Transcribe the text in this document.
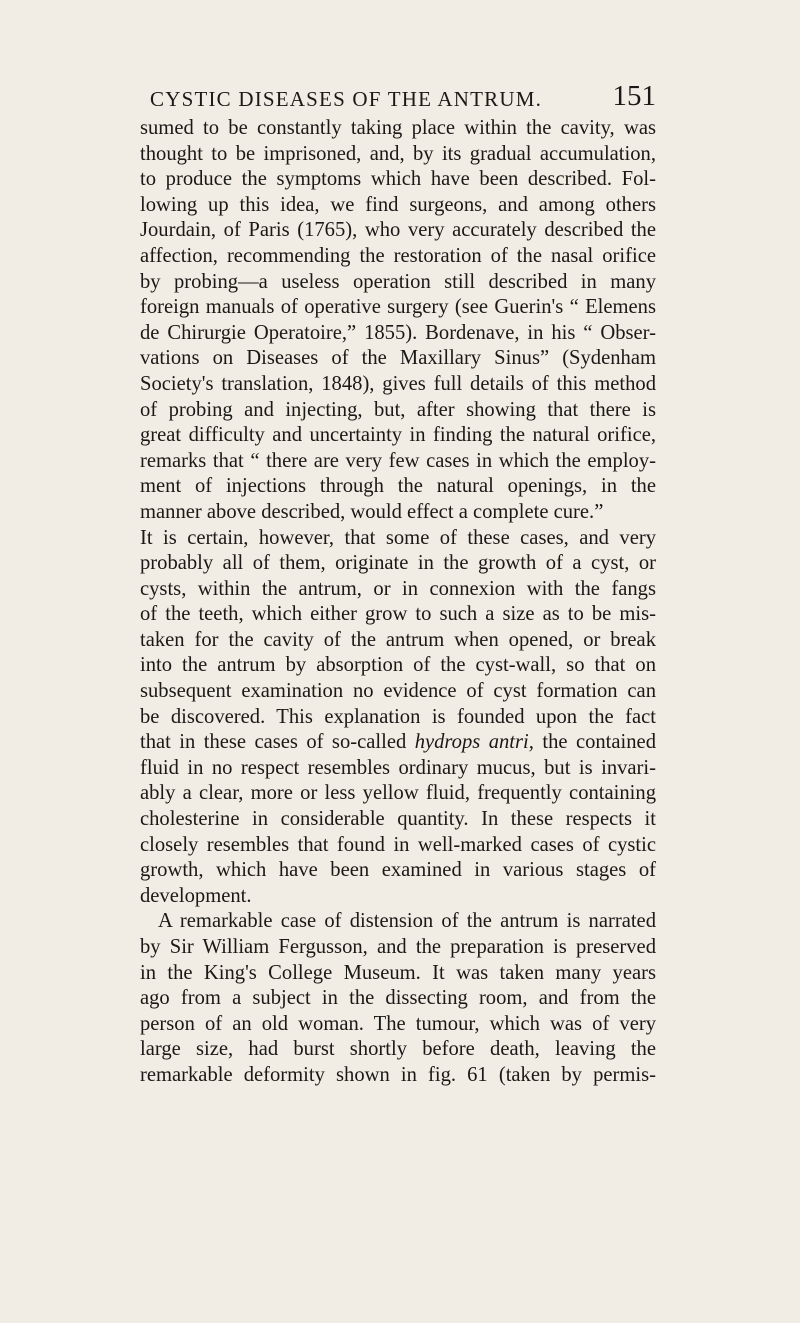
CYSTIC DISEASES OF THE ANTRUM. 151
sumed to be constantly taking place within the cavity, was
thought to be imprisoned, and, by its gradual accumulation,
to produce the symptoms which have been described. Fol-
lowing up this idea, we find surgeons, and among others
Jourdain, of Paris (1765), who very accurately described the
affection, recommending the restoration of the nasal orifice
by probing—a useless operation still described in many
foreign manuals of operative surgery (see Guerin's “ Elemens
de Chirurgie Operatoire,” 1855). Bordenave, in his “ Obser-
vations on Diseases of the Maxillary Sinus” (Sydenham
Society's translation, 1848), gives full details of this method
of probing and injecting, but, after showing that there is
great difficulty and uncertainty in finding the natural orifice,
remarks that “ there are very few cases in which the employ-
ment of injections through the natural openings, in the
manner above described, would effect a complete cure.”
It is certain, however, that some of these cases, and very
probably all of them, originate in the growth of a cyst, or
cysts, within the antrum, or in connexion with the fangs
of the teeth, which either grow to such a size as to be mis-
taken for the cavity of the antrum when opened, or break
into the antrum by absorption of the cyst-wall, so that on
subsequent examination no evidence of cyst formation can
be discovered. This explanation is founded upon the fact
that in these cases of so-called hydrops antri, the contained
fluid in no respect resembles ordinary mucus, but is invari-
ably a clear, more or less yellow fluid, frequently containing
cholesterine in considerable quantity. In these respects it
closely resembles that found in well-marked cases of cystic
growth, which have been examined in various stages of
development.
A remarkable case of distension of the antrum is narrated
by Sir William Fergusson, and the preparation is preserved
in the King's College Museum. It was taken many years
ago from a subject in the dissecting room, and from the
person of an old woman. The tumour, which was of very
large size, had burst shortly before death, leaving the
remarkable deformity shown in fig. 61 (taken by permis-
